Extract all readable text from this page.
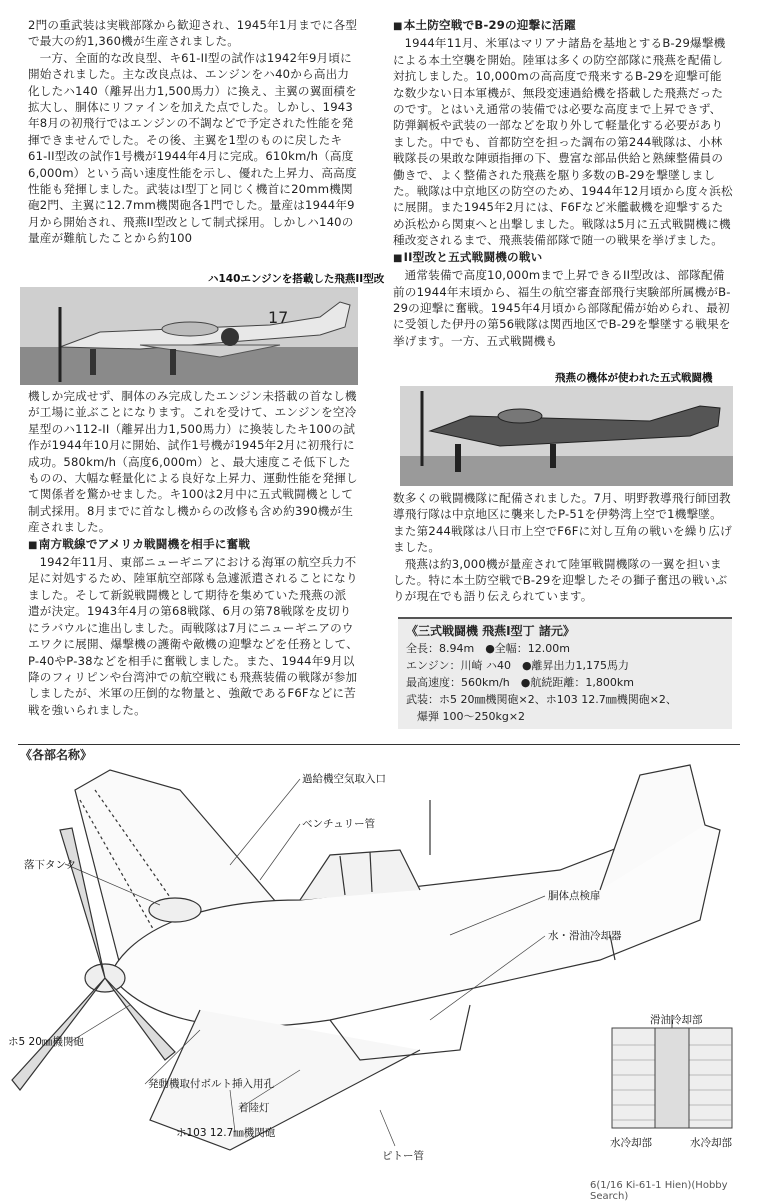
2門の重武装は実戦部隊から歓迎され、1945年1月までに各型で最大の約1,360機が生産されました。

一方、全面的な改良型、キ61-II型の試作は1942年9月頃に開始されました。主な改良点は、エンジンをハ40から高出力化したハ140（離昇出力1,500馬力）に換え、主翼の翼面積を拡大し、胴体にリファインを加えた点でした。しかし、1943年8月の初飛行ではエンジンの不調などで予定された性能を発揮できませんでした。その後、主翼を1型のものに戻したキ61-II型改の試作1号機が1944年4月に完成。610km/h（高度6,000m）という高い速度性能を示し、優れた上昇力、高高度性能も発揮しました。武装はI型丁と同じく機首に20mm機関砲2門、主翼に12.7mm機関砲各1門でした。量産は1944年9月から開始され、飛燕II型改として制式採用。しかしハ140の量産が難航したことから約100

17
ハ140エンジンを搭載した飛燕II型改

機しか完成せず、胴体のみ完成したエンジン未搭載の首なし機が工場に並ぶことになります。これを受けて、エンジンを空冷星型のハ112-II（離昇出力1,500馬力）に換装したキ100の試作が1944年10月に開始、試作1号機が1945年2月に初飛行に成功。580km/h（高度6,000m）と、最大速度こそ低下したものの、大幅な軽量化による良好な上昇力、運動性能を発揮して関係者を驚かせました。キ100は2月中に五式戦闘機として制式採用。8月までに首なし機からの改修も含め約390機が生産されました。

■ 南方戦線でアメリカ戦闘機を相手に奮戦

1942年11月、東部ニューギニアにおける海軍の航空兵力不足に対処するため、陸軍航空部隊も急遽派遣されることになりました。そして新鋭戦闘機として期待を集めていた飛燕の派遣が決定。1943年4月の第68戦隊、6月の第78戦隊を皮切りにラバウルに進出しました。両戦隊は7月にニューギニアのウエワクに展開、爆撃機の護衛や敵機の迎撃などを任務として、P-40やP-38などを相手に奮戦しました。また、1944年9月以降のフィリピンや台湾沖での航空戦にも飛燕装備の戦隊が参加しましたが、米軍の圧倒的な物量と、強敵であるF6Fなどに苦戦を強いられました。

■ 本土防空戦でB-29の迎撃に活躍

1944年11月、米軍はマリアナ諸島を基地とするB-29爆撃機による本土空襲を開始。陸軍は多くの防空部隊に飛燕を配備し対抗しました。10,000mの高高度で飛来するB-29を迎撃可能な数少ない日本軍機が、無段変速過給機を搭載した飛燕だったのです。とはいえ通常の装備では必要な高度まで上昇できず、防弾鋼板や武装の一部などを取り外して軽量化する必要がありました。中でも、首都防空を担った調布の第244戦隊は、小林戦隊長の果敢な陣頭指揮の下、豊富な部品供給と熟練整備員の働きで、よく整備された飛燕を駆り多数のB-29を撃墜しました。戦隊は中京地区の防空のため、1944年12月頃から度々浜松に展開。また1945年2月には、F6Fなど米艦載機を迎撃するため浜松から関東へと出撃しました。戦隊は5月に五式戦闘機に機種改変されるまで、飛燕装備部隊で随一の戦果を挙げました。

■ II型改と五式戦闘機の戦い

通常装備で高度10,000mまで上昇できるII型改は、部隊配備前の1944年末頃から、福生の航空審査部飛行実験部所属機がB-29の迎撃に奮戦。1945年4月頃から部隊配備が始められ、最初に受領した伊丹の第56戦隊は関西地区でB-29を撃墜する戦果を挙げます。一方、五式戦闘機も

飛燕の機体が使われた五式戦闘機

数多くの戦闘機隊に配備されました。7月、明野教導飛行師団教導飛行隊は中京地区に襲来したP-51を伊勢湾上空で1機撃墜。また第244戦隊は八日市上空でF6Fに対し互角の戦いを繰り広げました。

飛燕は約3,000機が量産されて陸軍戦闘機隊の一翼を担いました。特に本土防空戦でB-29を迎撃したその獅子奮迅の戦いぶりが現在でも語り伝えられています。

《三式戦闘機 飛燕I型丁 諸元》
全長：8.94m　●全幅：12.00m
エンジン：川崎 ハ40　●離昇出力1,175馬力
最高速度：560km/h　●航続距離：1,800km
武装：ホ5 20㎜機関砲×2、ホ103 12.7㎜機関砲×2、
　爆弾 100〜250kg×2
《各部名称》
過給機空気取入口
ベンチュリー管
落下タンク
胴体点検扉
水・滑油冷却器
ホ5 20㎜機関砲
発動機取付ボルト挿入用孔
着陸灯
ホ103 12.7㎜機関砲
ピトー管
滑油冷却部
水冷却部	水冷却部
6(1/16 Ki-61-1 Hien)(Hobby Search)
